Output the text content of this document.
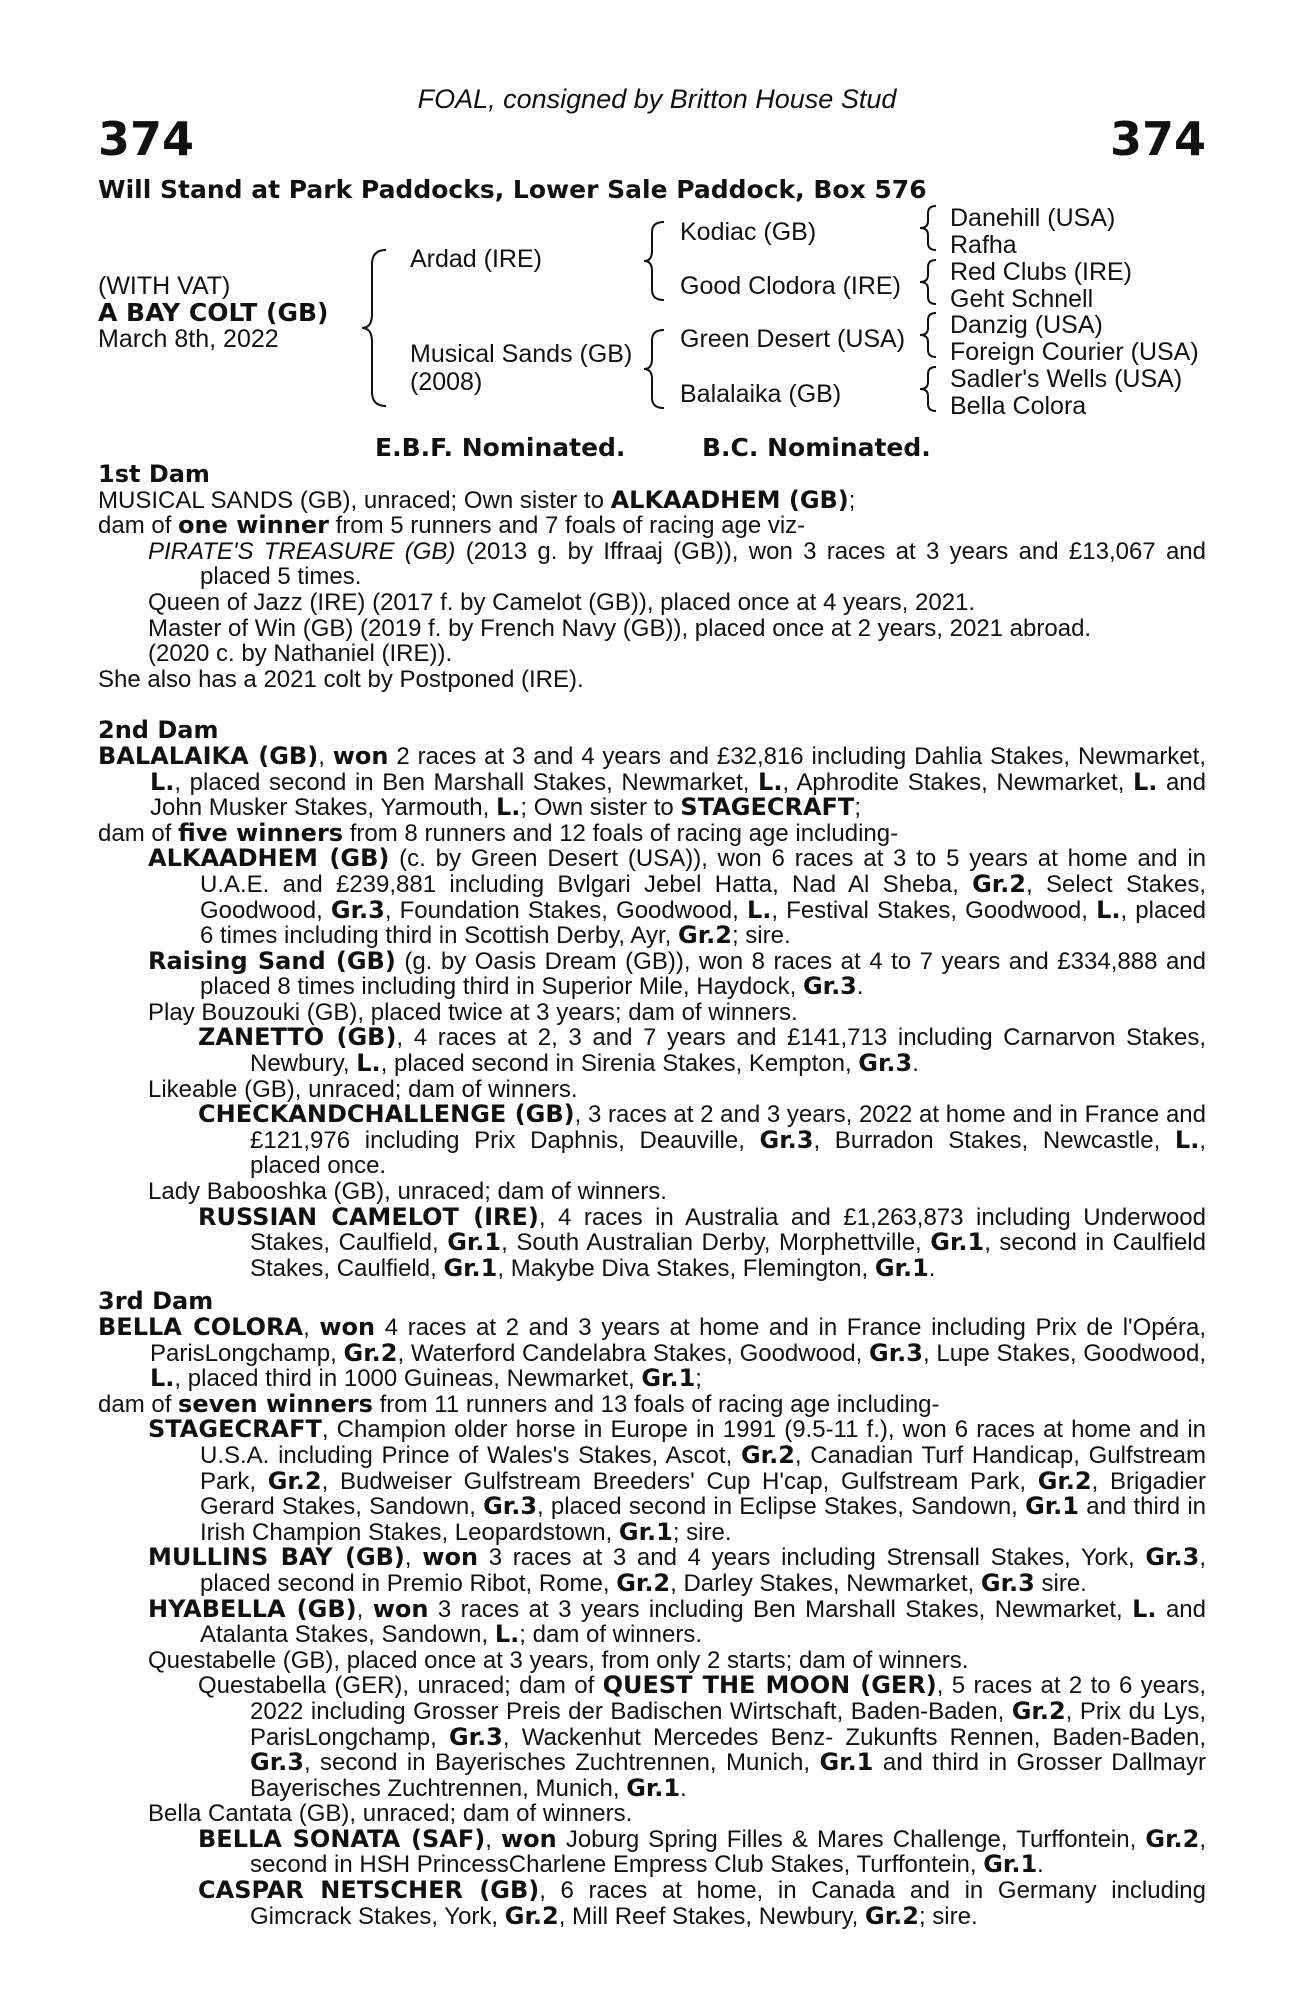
FOAL, consigned by Britton House Stud
374	374
Will Stand at Park Paddocks, Lower Sale Paddock, Box 576
(WITH VAT)
A BAY COLT (GB)
March 8th, 2022
Ardad (IRE)
Musical Sands (GB)
(2008)
Kodiac (GB)
Good Clodora (IRE)
Green Desert (USA)
Balalaika (GB)
Danehill (USA)
Rafha
Red Clubs (IRE)
Geht Schnell
Danzig (USA)
Foreign Courier (USA)
Sadler's Wells (USA)
Bella Colora
E.B.F. Nominated.	B.C. Nominated.

1st Dam

MUSICAL SANDS (GB), unraced; Own sister to ALKAADHEM (GB);

dam of one winner from 5 runners and 7 foals of racing age viz-

PIRATE'S TREASURE (GB) (2013 g. by Iffraaj (GB)), won 3 races at 3 years and £13,067 and placed 5 times.

Queen of Jazz (IRE) (2017 f. by Camelot (GB)), placed once at 4 years, 2021.

Master of Win (GB) (2019 f. by French Navy (GB)), placed once at 2 years, 2021 abroad.

(2020 c. by Nathaniel (IRE)).

She also has a 2021 colt by Postponed (IRE).

2nd Dam

BALALAIKA (GB), won 2 races at 3 and 4 years and £32,816 including Dahlia Stakes, Newmarket, L., placed second in Ben Marshall Stakes, Newmarket, L., Aphrodite Stakes, Newmarket, L. and John Musker Stakes, Yarmouth, L.; Own sister to STAGECRAFT;

dam of five winners from 8 runners and 12 foals of racing age including-

ALKAADHEM (GB) (c. by Green Desert (USA)), won 6 races at 3 to 5 years at home and in U.A.E. and £239,881 including Bvlgari Jebel Hatta, Nad Al Sheba, Gr.2, Select Stakes, Goodwood, Gr.3, Foundation Stakes, Goodwood, L., Festival Stakes, Goodwood, L., placed 6 times including third in Scottish Derby, Ayr, Gr.2; sire.

Raising Sand (GB) (g. by Oasis Dream (GB)), won 8 races at 4 to 7 years and £334,888 and placed 8 times including third in Superior Mile, Haydock, Gr.3.

Play Bouzouki (GB), placed twice at 3 years; dam of winners.

ZANETTO (GB), 4 races at 2, 3 and 7 years and £141,713 including Carnarvon Stakes, Newbury, L., placed second in Sirenia Stakes, Kempton, Gr.3.

Likeable (GB), unraced; dam of winners.

CHECKANDCHALLENGE (GB), 3 races at 2 and 3 years, 2022 at home and in France and £121,976 including Prix Daphnis, Deauville, Gr.3, Burradon Stakes, Newcastle, L., placed once.

Lady Babooshka (GB), unraced; dam of winners.

RUSSIAN CAMELOT (IRE), 4 races in Australia and £1,263,873 including Underwood Stakes, Caulfield, Gr.1, South Australian Derby, Morphettville, Gr.1, second in Caulfield Stakes, Caulfield, Gr.1, Makybe Diva Stakes, Flemington, Gr.1.

3rd Dam

BELLA COLORA, won 4 races at 2 and 3 years at home and in France including Prix de l'Opéra, ParisLongchamp, Gr.2, Waterford Candelabra Stakes, Goodwood, Gr.3, Lupe Stakes, Goodwood, L., placed third in 1000 Guineas, Newmarket, Gr.1;

dam of seven winners from 11 runners and 13 foals of racing age including-

STAGECRAFT, Champion older horse in Europe in 1991 (9.5-11 f.), won 6 races at home and in U.S.A. including Prince of Wales's Stakes, Ascot, Gr.2, Canadian Turf Handicap, Gulfstream Park, Gr.2, Budweiser Gulfstream Breeders' Cup H'cap, Gulfstream Park, Gr.2, Brigadier Gerard Stakes, Sandown, Gr.3, placed second in Eclipse Stakes, Sandown, Gr.1 and third in Irish Champion Stakes, Leopardstown, Gr.1; sire.

MULLINS BAY (GB), won 3 races at 3 and 4 years including Strensall Stakes, York, Gr.3, placed second in Premio Ribot, Rome, Gr.2, Darley Stakes, Newmarket, Gr.3 sire.

HYABELLA (GB), won 3 races at 3 years including Ben Marshall Stakes, Newmarket, L. and Atalanta Stakes, Sandown, L.; dam of winners.

Questabelle (GB), placed once at 3 years, from only 2 starts; dam of winners.

Questabella (GER), unraced; dam of QUEST THE MOON (GER), 5 races at 2 to 6 years, 2022 including Grosser Preis der Badischen Wirtschaft, Baden-Baden, Gr.2, Prix du Lys, ParisLongchamp, Gr.3, Wackenhut Mercedes Benz- Zukunfts Rennen, Baden-Baden, Gr.3, second in Bayerisches Zuchtrennen, Munich, Gr.1 and third in Grosser Dallmayr Bayerisches Zuchtrennen, Munich, Gr.1.

Bella Cantata (GB), unraced; dam of winners.

BELLA SONATA (SAF), won Joburg Spring Filles & Mares Challenge, Turffontein, Gr.2, second in HSH PrincessCharlene Empress Club Stakes, Turffontein, Gr.1.

CASPAR NETSCHER (GB), 6 races at home, in Canada and in Germany including Gimcrack Stakes, York, Gr.2, Mill Reef Stakes, Newbury, Gr.2; sire.
